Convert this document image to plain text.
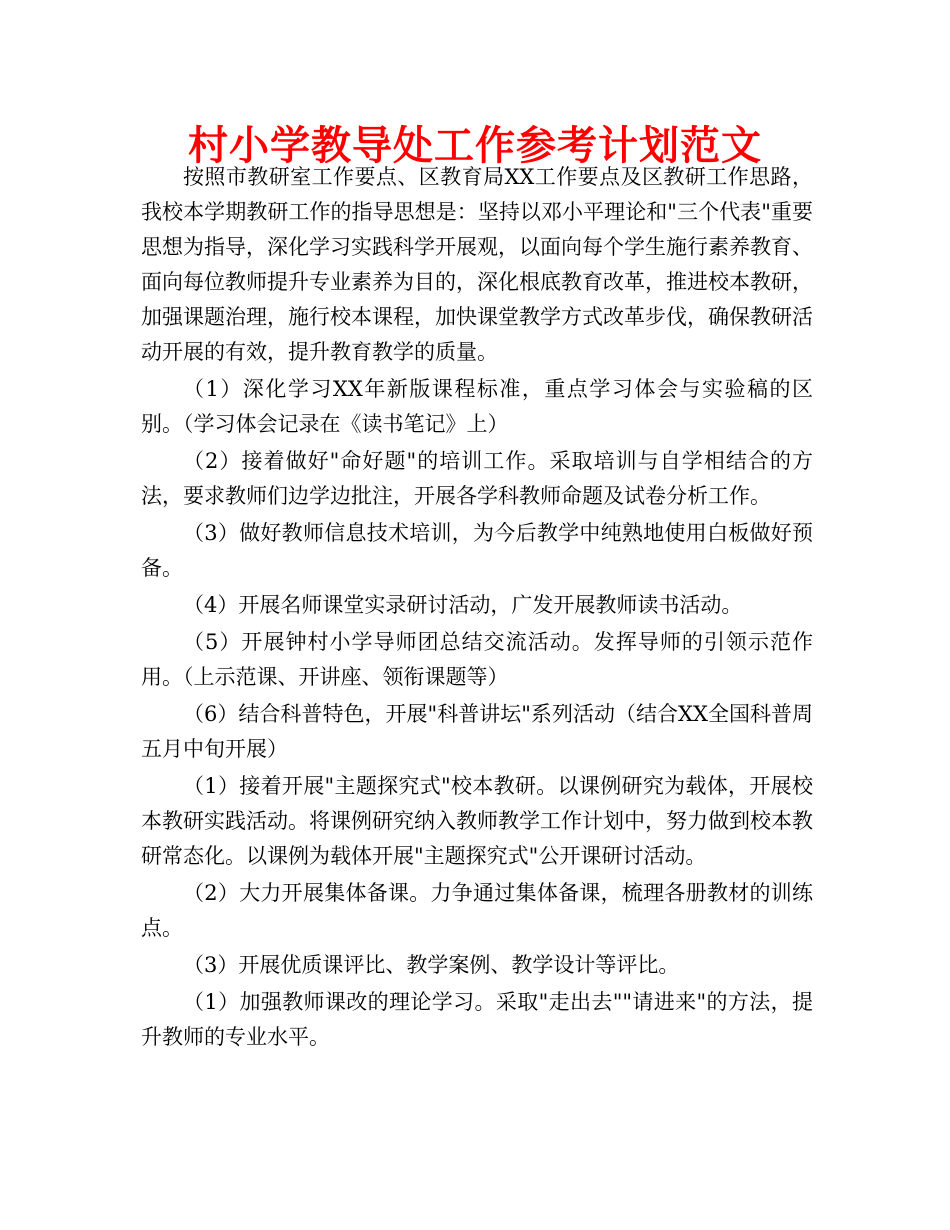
村小学教导处工作参考计划范文

按照市教研室工作要点、区教育局XX工作要点及区教研工作思路，我校本学期教研工作的指导思想是：坚持以邓小平理论和"三个代表"重要思想为指导，深化学习实践科学开展观，以面向每个学生施行素养教育、面向每位教师提升专业素养为目的，深化根底教育改革，推进校本教研，加强课题治理，施行校本课程，加快课堂教学方式改革步伐，确保教研活动开展的有效，提升教育教学的质量。

（1）深化学习XX年新版课程标准，重点学习体会与实验稿的区别。（学习体会记录在《读书笔记》上）

（2）接着做好"命好题"的培训工作。采取培训与自学相结合的方法，要求教师们边学边批注，开展各学科教师命题及试卷分析工作。

（3）做好教师信息技术培训，为今后教学中纯熟地使用白板做好预备。

（4）开展名师课堂实录研讨活动，广发开展教师读书活动。

（5）开展钟村小学导师团总结交流活动。发挥导师的引领示范作用。（上示范课、开讲座、领衔课题等）

（6）结合科普特色，开展"科普讲坛"系列活动（结合XX全国科普周五月中旬开展）

（1）接着开展"主题探究式"校本教研。以课例研究为载体，开展校本教研实践活动。将课例研究纳入教师教学工作计划中，努力做到校本教研常态化。以课例为载体开展"主题探究式"公开课研讨活动。

（2）大力开展集体备课。力争通过集体备课，梳理各册教材的训练点。

（3）开展优质课评比、教学案例、教学设计等评比。

（1）加强教师课改的理论学习。采取"走出去""请进来"的方法，提升教师的专业水平。
